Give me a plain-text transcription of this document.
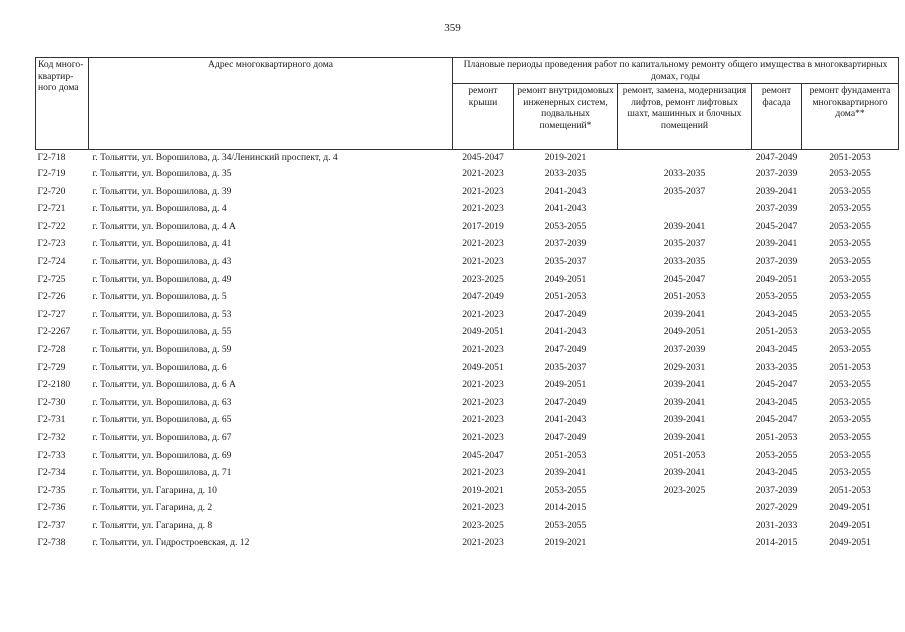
359
Код много-квартир-ного дома	Адрес многоквартирного дома	Плановые периоды проведения работ по капитальному ремонту общего имущества в многоквартирных домах, годы				
		ремонт крыши	ремонт внутридомовых инженерных систем, подвальных помещений*	ремонт, замена, модернизация лифтов, ремонт лифтовых шахт, машинных и блочных помещений	ремонт фасада	ремонт фундамента многоквартирного дома**
Г2-718	г. Тольятти, ул. Ворошилова, д. 34/Ленинский проспект, д. 4	2045-2047	2019-2021		2047-2049	2051-2053
Г2-719	г. Тольятти, ул. Ворошилова, д. 35	2021-2023	2033-2035	2033-2035	2037-2039	2053-2055
Г2-720	г. Тольятти, ул. Ворошилова, д. 39	2021-2023	2041-2043	2035-2037	2039-2041	2053-2055
Г2-721	г. Тольятти, ул. Ворошилова, д. 4	2021-2023	2041-2043		2037-2039	2053-2055
Г2-722	г. Тольятти, ул. Ворошилова, д. 4 А	2017-2019	2053-2055	2039-2041	2045-2047	2053-2055
Г2-723	г. Тольятти, ул. Ворошилова, д. 41	2021-2023	2037-2039	2035-2037	2039-2041	2053-2055
Г2-724	г. Тольятти, ул. Ворошилова, д. 43	2021-2023	2035-2037	2033-2035	2037-2039	2053-2055
Г2-725	г. Тольятти, ул. Ворошилова, д. 49	2023-2025	2049-2051	2045-2047	2049-2051	2053-2055
Г2-726	г. Тольятти, ул. Ворошилова, д. 5	2047-2049	2051-2053	2051-2053	2053-2055	2053-2055
Г2-727	г. Тольятти, ул. Ворошилова, д. 53	2021-2023	2047-2049	2039-2041	2043-2045	2053-2055
Г2-2267	г. Тольятти, ул. Ворошилова, д. 55	2049-2051	2041-2043	2049-2051	2051-2053	2053-2055
Г2-728	г. Тольятти, ул. Ворошилова, д. 59	2021-2023	2047-2049	2037-2039	2043-2045	2053-2055
Г2-729	г. Тольятти, ул. Ворошилова, д. 6	2049-2051	2035-2037	2029-2031	2033-2035	2051-2053
Г2-2180	г. Тольятти, ул. Ворошилова, д. 6 А	2021-2023	2049-2051	2039-2041	2045-2047	2053-2055
Г2-730	г. Тольятти, ул. Ворошилова, д. 63	2021-2023	2047-2049	2039-2041	2043-2045	2053-2055
Г2-731	г. Тольятти, ул. Ворошилова, д. 65	2021-2023	2041-2043	2039-2041	2045-2047	2053-2055
Г2-732	г. Тольятти, ул. Ворошилова, д. 67	2021-2023	2047-2049	2039-2041	2051-2053	2053-2055
Г2-733	г. Тольятти, ул. Ворошилова, д. 69	2045-2047	2051-2053	2051-2053	2053-2055	2053-2055
Г2-734	г. Тольятти, ул. Ворошилова, д. 71	2021-2023	2039-2041	2039-2041	2043-2045	2053-2055
Г2-735	г. Тольятти, ул. Гагарина, д. 10	2019-2021	2053-2055	2023-2025	2037-2039	2051-2053
Г2-736	г. Тольятти, ул. Гагарина, д. 2	2021-2023	2014-2015		2027-2029	2049-2051
Г2-737	г. Тольятти, ул. Гагарина, д. 8	2023-2025	2053-2055		2031-2033	2049-2051
Г2-738	г. Тольятти, ул. Гидростроевская, д. 12	2021-2023	2019-2021		2014-2015	2049-2051
